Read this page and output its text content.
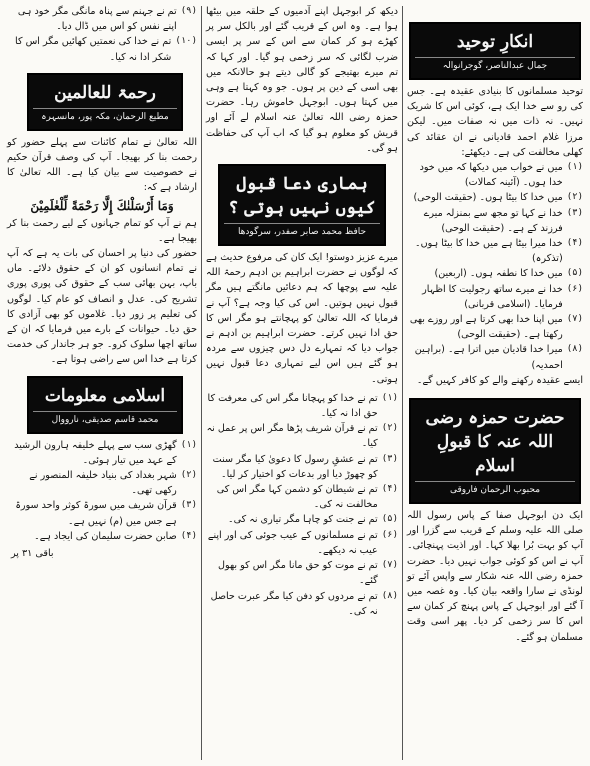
انکارِ توحید
جمال عبدالناصر، گوجرانوالہ
توحید مسلمانوں کا بنیادی عقیدہ ہے۔ جس کی رو سے خدا ایک ہے، کوئی اس کا شریک نہیں۔ نہ ذات میں نہ صفات میں۔ لیکن مرزا غلام احمد قادیانی نے ان عقائد کی کھلی مخالفت کی ہے۔ دیکھئے:
(۱)
میں نے خواب میں دیکھا کہ میں خود خدا ہوں۔ (آئینہ کمالات)
(۲)
میں خدا کا بیٹا ہوں۔ (حقیقت الوحی)
(۳)
خدا نے کہا تو مجھ سے بمنزلہ میرے فرزند کے ہے۔ (حقیقت الوحی)
(۴)
خدا میرا بیٹا ہے میں خدا کا بیٹا ہوں۔ (تذکرہ)
(۵)
میں خدا کا نطفہ ہوں۔ (اربعین)
(۶)
خدا نے میرے ساتھ رجولیت کا اظہار فرمایا۔ (اسلامی قربانی)
(۷)
میں اپنا خدا بھی کرتا ہے اور روزے بھی رکھتا ہے۔ (حقیقت الوحی)
(۸)
میرا خدا قادیان میں اترا ہے۔ (براہین احمدیہ)
ایسے عقیدہ رکھنے والے کو کافر کہیں گے۔
حضرت حمزہ رضی اللہ عنہ کا قبولِ اسلام
محبوب الرحمان فاروقی
ایک دن ابوجہل صفا کے پاس رسول اللہ صلی اللہ علیہ وسلم کے قریب سے گزرا اور آپ کو بہت بُرا بھلا کہا۔ اور اذیت پہنچائی۔ آپ نے اس کو کوئی جواب نہیں دیا۔ حضرت حمزہ رضی اللہ عنہ شکار سے واپس آئے تو لونڈی نے سارا واقعہ بیان کیا۔ وہ غصہ میں آ گئے اور ابوجہل کے پاس پہنچ کر کمان سے اس کا سر زخمی کر دیا۔ پھر اسی وقت مسلمان ہو گئے۔
دیکھ کر ابوجہل اپنے آدمیوں کے حلقہ میں بیٹھا ہوا ہے۔ وہ اس کے قریب گئے اور بالکل سر پر کھڑے ہو کر کمان سے اس کے سر پر ایسی ضرب لگائی کہ سر زخمی ہو گیا۔ اور کہا کہ تم میرے بھتیجے کو گالی دیتے ہو حالانکہ میں بھی اسی کے دین پر ہوں۔ جو وہ کہتا ہے وہی میں کہتا ہوں۔ ابوجہل خاموش رہا۔ حضرت حمزہ رضی اللہ تعالیٰ عنہ اسلام لے آئے اور قریش کو معلوم ہو گیا کہ اب آپ کی حفاظت ہو گی۔
ہماری دعا قبول کیوں نہیں ہوتی ؟
حافظ محمد صابر صفدر، سرگودھا
میرے عزیز دوستو! ایک کان کی مرفوع حدیث ہے کہ لوگوں نے حضرت ابراہیم بن ادہم رحمۃ اللہ علیہ سے پوچھا کہ ہم دعائیں مانگتے ہیں مگر قبول نہیں ہوتیں۔ اس کی کیا وجہ ہے؟ آپ نے فرمایا کہ اللہ تعالیٰ کو پہچانتے ہو مگر اس کا حق ادا نہیں کرتے۔ حضرت ابراہیم بن ادہم نے جواب دیا کہ تمہارے دل دس چیزوں سے مردہ ہو گئے ہیں اس لیے تمہاری دعا قبول نہیں ہوتی۔
(۱)
تم نے خدا کو پہچانا مگر اس کی معرفت کا حق ادا نہ کیا۔
(۲)
تم نے قرآن شریف پڑھا مگر اس پر عمل نہ کیا۔
(۳)
تم نے عشقِ رسول کا دعویٰ کیا مگر سنت کو چھوڑ دیا اور بدعات کو اختیار کر لیا۔
(۴)
تم نے شیطان کو دشمن کہا مگر اس کی مخالفت نہ کی۔
(۵)
تم نے جنت کو چاہا مگر تیاری نہ کی۔
(۶)
تم نے مسلمانوں کے عیب جوئی کی اور اپنے عیب نہ دیکھے۔
(۷)
تم نے موت کو حق مانا مگر اس کو بھول گئے۔
(۸)
تم نے مردوں کو دفن کیا مگر عبرت حاصل نہ کی۔
(۹)
تم نے جہنم سے پناہ مانگی مگر خود ہی اپنے نفس کو اس میں ڈال دیا۔
(۱۰)
تم نے خدا کی نعمتیں کھائیں مگر اس کا شکر ادا نہ کیا۔
رحمۃ للعالمین
مطیع الرحمان، مکہ پور، مانسہرہ
اللہ تعالیٰ نے تمام کائنات سے پہلے حضور کو رحمت بنا کر بھیجا۔ آپ کی وصف قرآن حکیم نے خصوصیت سے بیان کیا ہے۔ اللہ تعالیٰ کا ارشاد ہے کہ:
وَمَا أَرْسَلْنٰكَ إِلَّا رَحْمَةً لِّلْعٰلَمِيْنَ
ہم نے آپ کو تمام جہانوں کے لیے رحمت بنا کر بھیجا ہے۔
حضور کی دنیا پر احسان کی بات یہ ہے کہ آپ نے تمام انسانوں کو ان کے حقوق دلائے۔ ماں باپ، بہن بھائی سب کے حقوق کی پوری پوری تشریح کی۔ عدل و انصاف کو عام کیا۔ لوگوں کی تعلیم پر زور دیا۔ غلاموں کو بھی آزادی کا حق دیا۔ حیوانات کے بارے میں فرمایا کہ ان کے ساتھ اچھا سلوک کرو۔ جو ہر جاندار کی خدمت کرتا ہے خدا اس سے راضی ہوتا ہے۔
اسلامی معلومات
محمد قاسم صدیقی، نارووال
(۱)
گھڑی سب سے پہلے خلیفہ ہارون الرشید کے عہد میں تیار ہوئی۔
(۲)
شہر بغداد کی بنیاد خلیفہ المنصور نے رکھی تھی۔
(۳)
قرآن شریف میں سورۃ کوثر واحد سورۃ ہے جس میں (م) نہیں ہے۔
(۴)
صابن حضرت سلیمان کی ایجاد ہے۔
باقی ۳۱ پر
